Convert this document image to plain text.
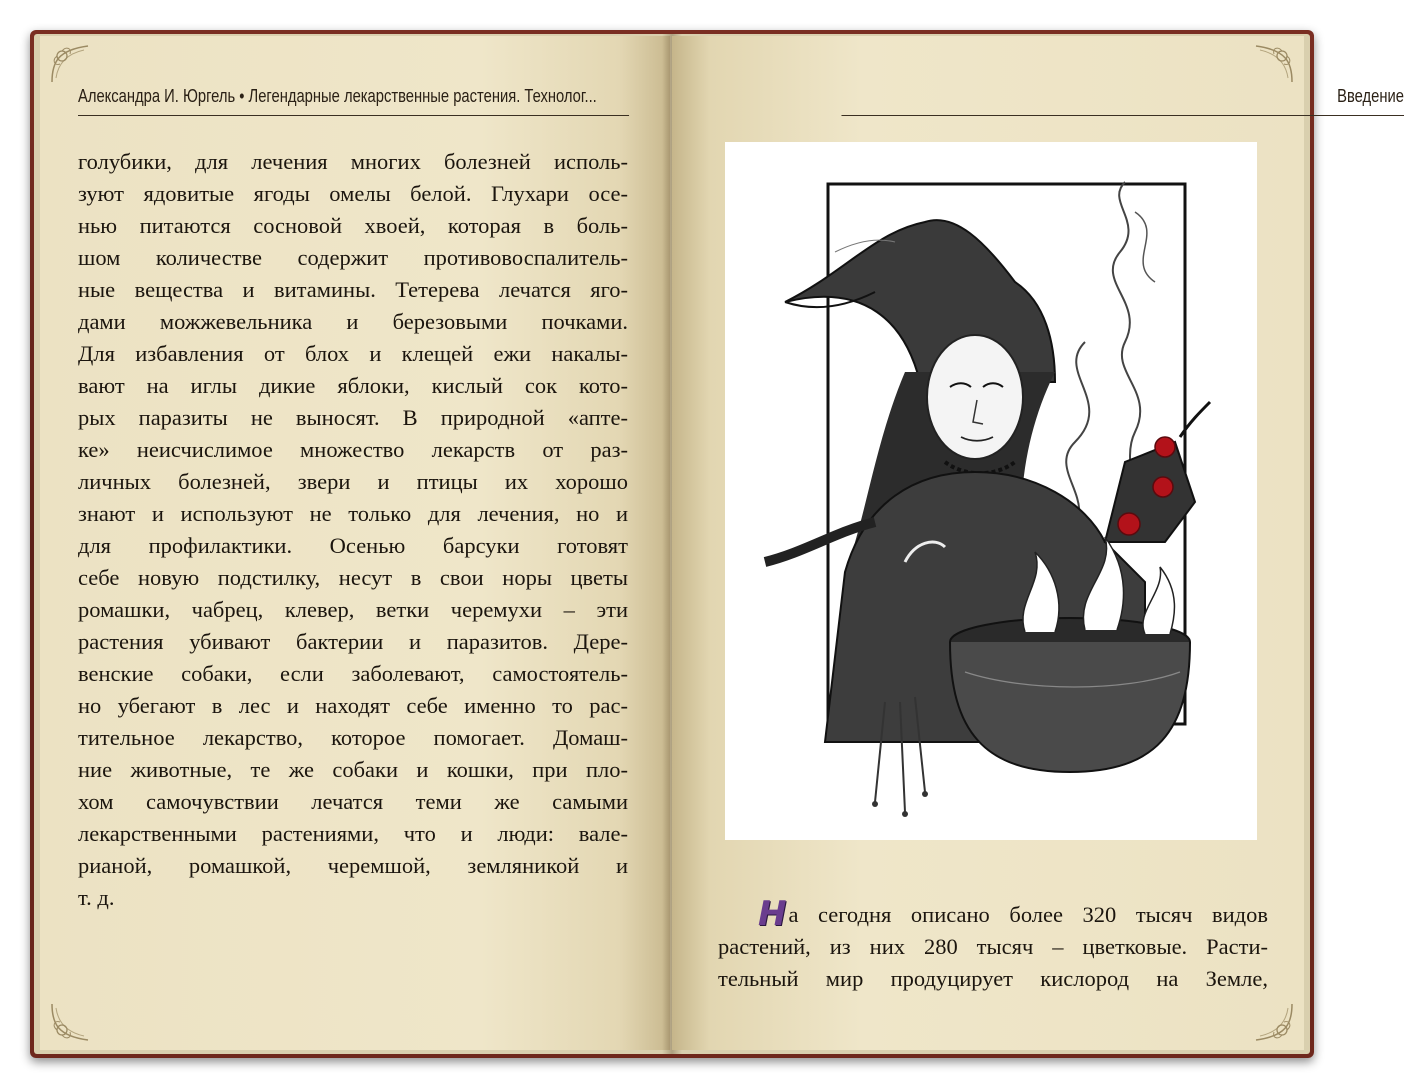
Александра И. Юргель • Легендарные лекарственные растения. Технолог...
голубики, для лечения многих болезней исполь-
зуют ядовитые ягоды омелы белой. Глухари осе-
нью питаются сосновой хвоей, которая в боль-
шом количестве содержит противовоспалитель-
ные вещества и витамины. Тетерева лечатся яго-
дами можжевельника и березовыми почками.
Для избавления от блох и клещей ежи накалы-
вают на иглы дикие яблоки, кислый сок кото-
рых паразиты не выносят. В природной «апте-
ке» неисчислимое множество лекарств от раз-
личных болезней, звери и птицы их хорошо
знают и используют не только для лечения, но и
для профилактики. Осенью барсуки готовят
себе новую подстилку, несут в свои норы цветы
ромашки, чабрец, клевер, ветки черемухи – эти
растения убивают бактерии и паразитов. Дере-
венские собаки, если заболевают, самостоятель-
но убегают в лес и находят себе именно то рас-
тительное лекарство, которое помогает. Домаш-
ние животные, те же собаки и кошки, при пло-
хом самочувствии лечатся теми же самыми
лекарственными растениями, что и люди: вале-
рианой, ромашкой, черемшой, земляникой и
т. д.
Введение
На сегодня описано более 320 тысяч видов
растений, из них 280 тысяч – цветковые. Расти-
тельный мир продуцирует кислород на Земле,
